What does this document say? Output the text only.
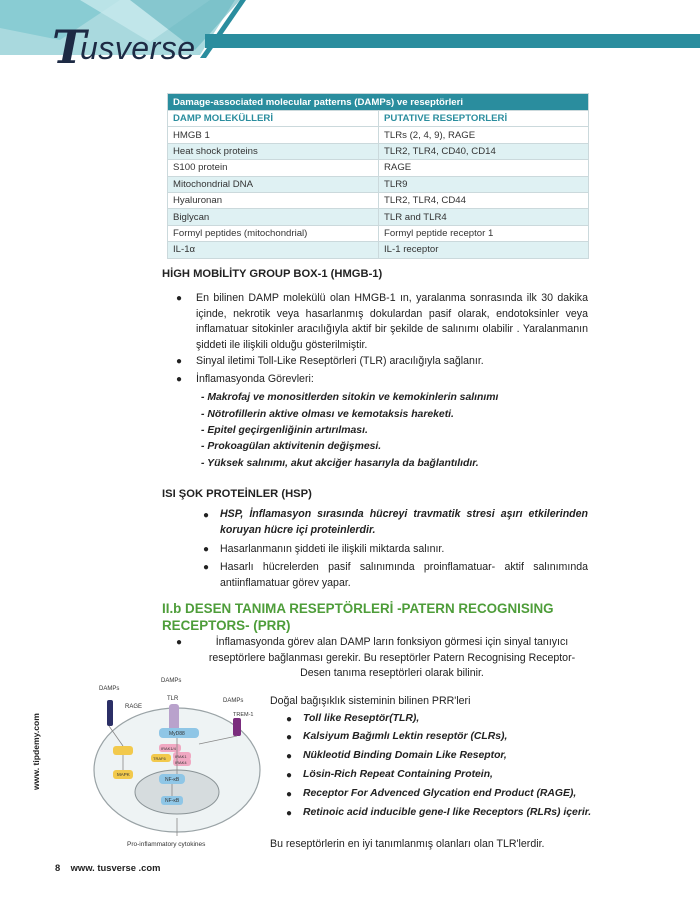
T
usverse
Damage-associated molecular patterns (DAMPs) ve reseptörleri	
DAMP MOLEKÜLLERİ	PUTATIVE RESEPTORLERİ
HMGB 1	TLRs (2, 4, 9), RAGE
Heat shock proteins	TLR2, TLR4, CD40, CD14
S100 protein	RAGE
Mitochondrial DNA	TLR9
Hyaluronan	TLR2, TLR4, CD44
Biglycan	TLR and TLR4
Formyl peptides (mitochondrial)	Formyl peptide receptor 1
IL-1α	IL-1 receptor
HİGH MOBİLİTY GROUP BOX-1 (HMGB-1)
● En bilinen DAMP molekülü olan HMGB-1 ın, yaralanma sonrasında ilk 30 dakika içinde, nekrotik veya hasarlanmış dokulardan pasif olarak, endotoksinler veya inflamatuar sitokinler aracılığıyla aktif bir şekilde de salınımı olabilir . Yaralanmanın şiddeti ile ilişkili olduğu gösterilmiştir.
● Sinyal iletimi Toll-Like Reseptörleri (TLR) aracılığıyla sağlanır.
● İnflamasyonda Görevleri:
- Makrofaj ve monositlerden sitokin ve kemokinlerin salınımı
- Nötrofillerin aktive olması ve kemotaksis hareketi.
- Epitel geçirgenliğinin artırılması.
- Prokoagülan aktivitenin değişmesi.
- Yüksek salınımı, akut akciğer hasarıyla da bağlantılıdır.
ISI ŞOK PROTEİNLER (HSP)
● HSP, İnflamasyon sırasında hücreyi travmatik stresi aşırı etkilerinden koruyan hücre içi proteinlerdir.
● Hasarlanmanın şiddeti ile ilişkili miktarda salınır.
● Hasarlı hücrelerden pasif salınımında proinflamatuar- aktif salınımında antiinflamatuar görev yapar.
II.b DESEN TANIMA RESEPTÖRLERİ -PATERN RECOGNISING RECEPTORS- (PRR)
●	İnflamasyonda görev alan DAMP ların fonksiyon görmesi için sinyal tanıyıcı reseptörlere bağlanması gerekir. Bu reseptörler Patern Recognising Receptor- Desen tanıma reseptörleri olarak bilinir.
Doğal bağışıklık sisteminin bilinen PRR'leri
● Toll like Reseptör(TLR),
● Kalsiyum Bağımlı Lektin reseptör (CLRs),
● Nükleotid Binding Domain Like Reseptor,
● Lösin-Rich Repeat Containing Protein,
● Receptor For Advenced Glycation end Product (RAGE),
● Retinoic acid inducible gene-I like Receptors (RLRs) içerir.
Bu reseptörlerin en iyi tanımlanmış olanları olan TLR'lerdir.
DAMPs
DAMPs
DAMPs
RAGE
TLR
TREM-1
MyD88
IRAK1/4
TRAF6 IRAK1
IRAK4
MAPK
NF-κB
NF-κB
Pro-inflammatory cytokines
www. tipdemy.com
8 www. tusverse .com
